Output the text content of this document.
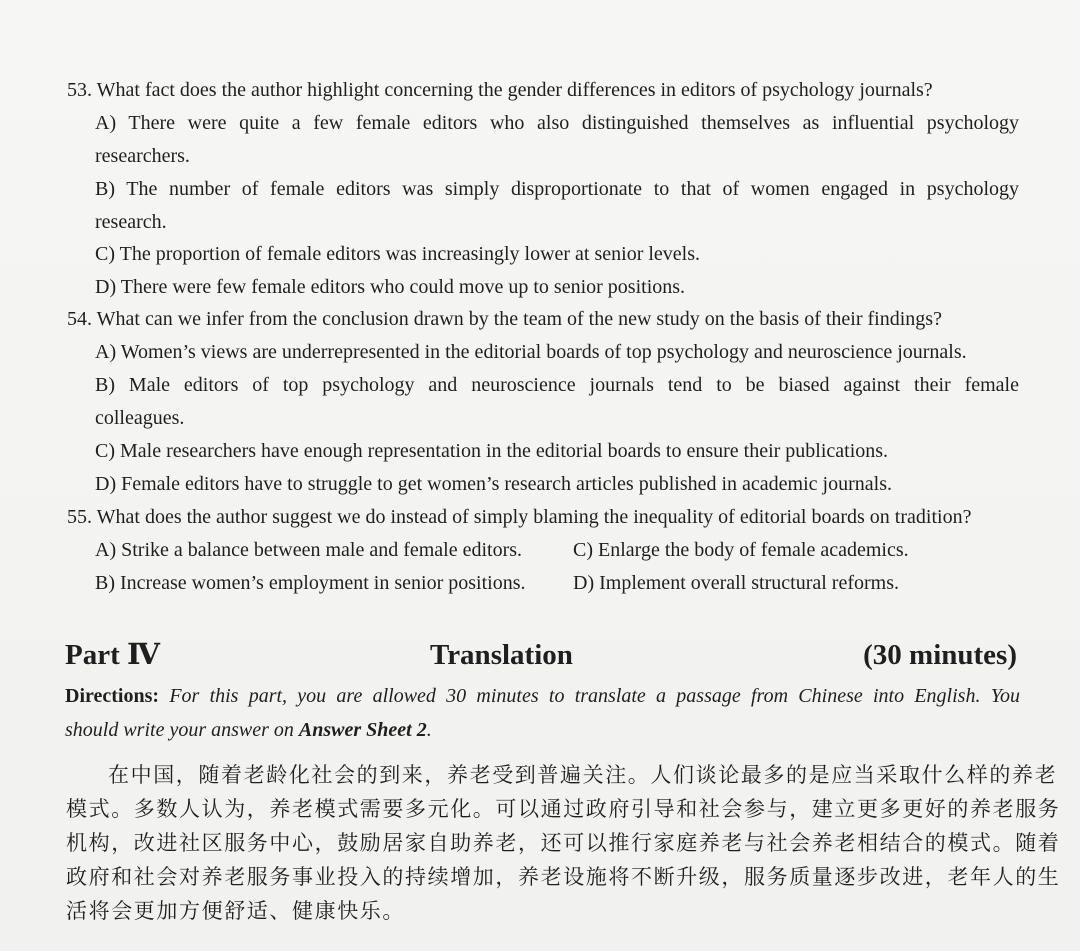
53. What fact does the author highlight concerning the gender differences in editors of psychology journals?
A) There were quite a few female editors who also distinguished themselves as influential psychology
researchers.
B) The number of female editors was simply disproportionate to that of women engaged in psychology
research.
C) The proportion of female editors was increasingly lower at senior levels.
D) There were few female editors who could move up to senior positions.
54. What can we infer from the conclusion drawn by the team of the new study on the basis of their findings?
A) Women’s views are underrepresented in the editorial boards of top psychology and neuroscience journals.
B) Male editors of top psychology and neuroscience journals tend to be biased against their female
colleagues.
C) Male researchers have enough representation in the editorial boards to ensure their publications.
D) Female editors have to struggle to get women’s research articles published in academic journals.
55. What does the author suggest we do instead of simply blaming the inequality of editorial boards on tradition?
A) Strike a balance between male and female editors.	C) Enlarge the body of female academics.
B) Increase women’s employment in senior positions. D) Implement overall structural reforms.
Part Ⅳ	Translation	(30 minutes)
Directions: For this part, you are allowed 30 minutes to translate a passage from Chinese into English. You
should write your answer on Answer Sheet 2.
在中国，随着老龄化社会的到来，养老受到普遍关注。人们谈论最多的是应当采取什么样的养老
模式。多数人认为，养老模式需要多元化。可以通过政府引导和社会参与，建立更多更好的养老服务
机构，改进社区服务中心，鼓励居家自助养老，还可以推行家庭养老与社会养老相结合的模式。随着
政府和社会对养老服务事业投入的持续增加，养老设施将不断升级，服务质量逐步改进，老年人的生
活将会更加方便舒适、健康快乐。
